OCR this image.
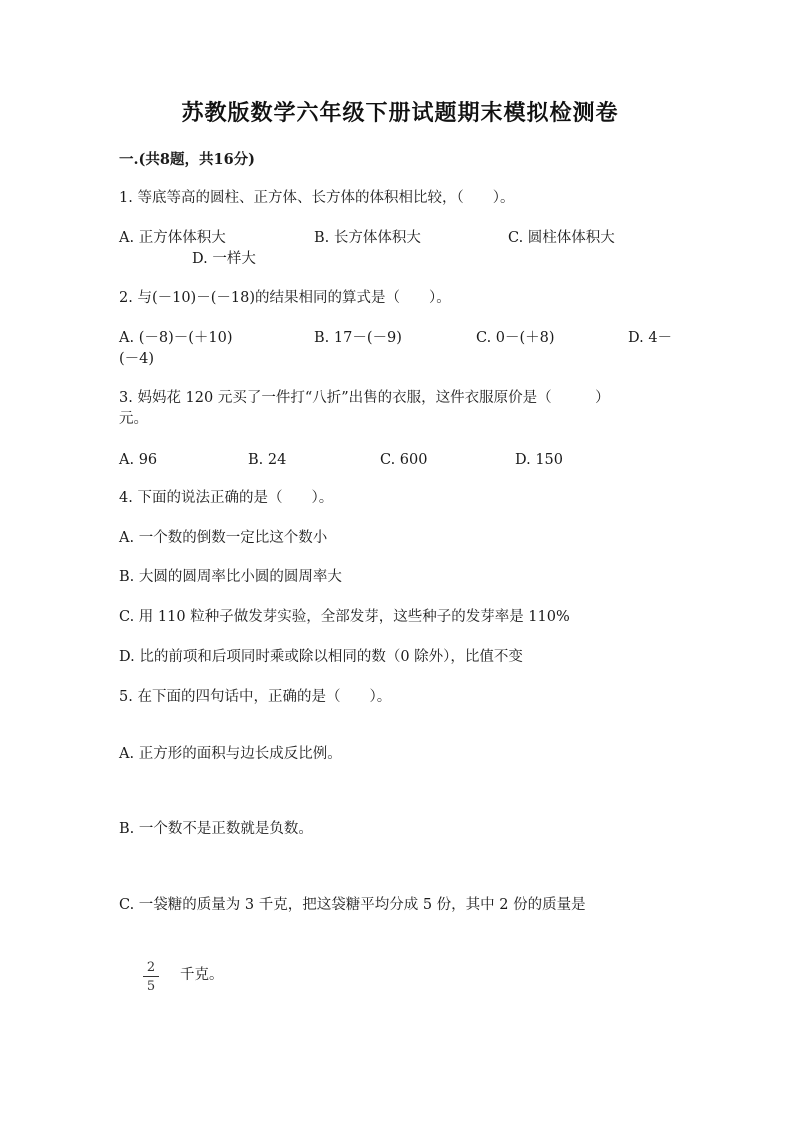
苏教版数学六年级下册试题期末模拟检测卷
一.(共8题，共16分)
1. 等底等高的圆柱、正方体、长方体的体积相比较，（　　）。
A. 正方体体积大	B. 长方体体积大	C. 圆柱体体积大
D. 一样大
2. 与(－10)－(－18)的结果相同的算式是（　　）。
A. (－8)－(＋10)	B. 17－(－9)	C. 0－(＋8)	D. 4－
(－4)
3. 妈妈花 120 元买了一件打“八折”出售的衣服，这件衣服原价是（　　　）
元。
A. 96	B. 24	C. 600	D. 150
4. 下面的说法正确的是（　　）。
A. 一个数的倒数一定比这个数小
B. 大圆的圆周率比小圆的圆周率大
C. 用 110 粒种子做发芽实验，全部发芽，这些种子的发芽率是 110%
D. 比的前项和后项同时乘或除以相同的数（0 除外），比值不变
5. 在下面的四句话中，正确的是（　　）。
A. 正方形的面积与边长成反比例。
B. 一个数不是正数就是负数。
C. 一袋糖的质量为 3 千克，把这袋糖平均分成 5 份，其中 2 份的质量是
2
5
千克。
